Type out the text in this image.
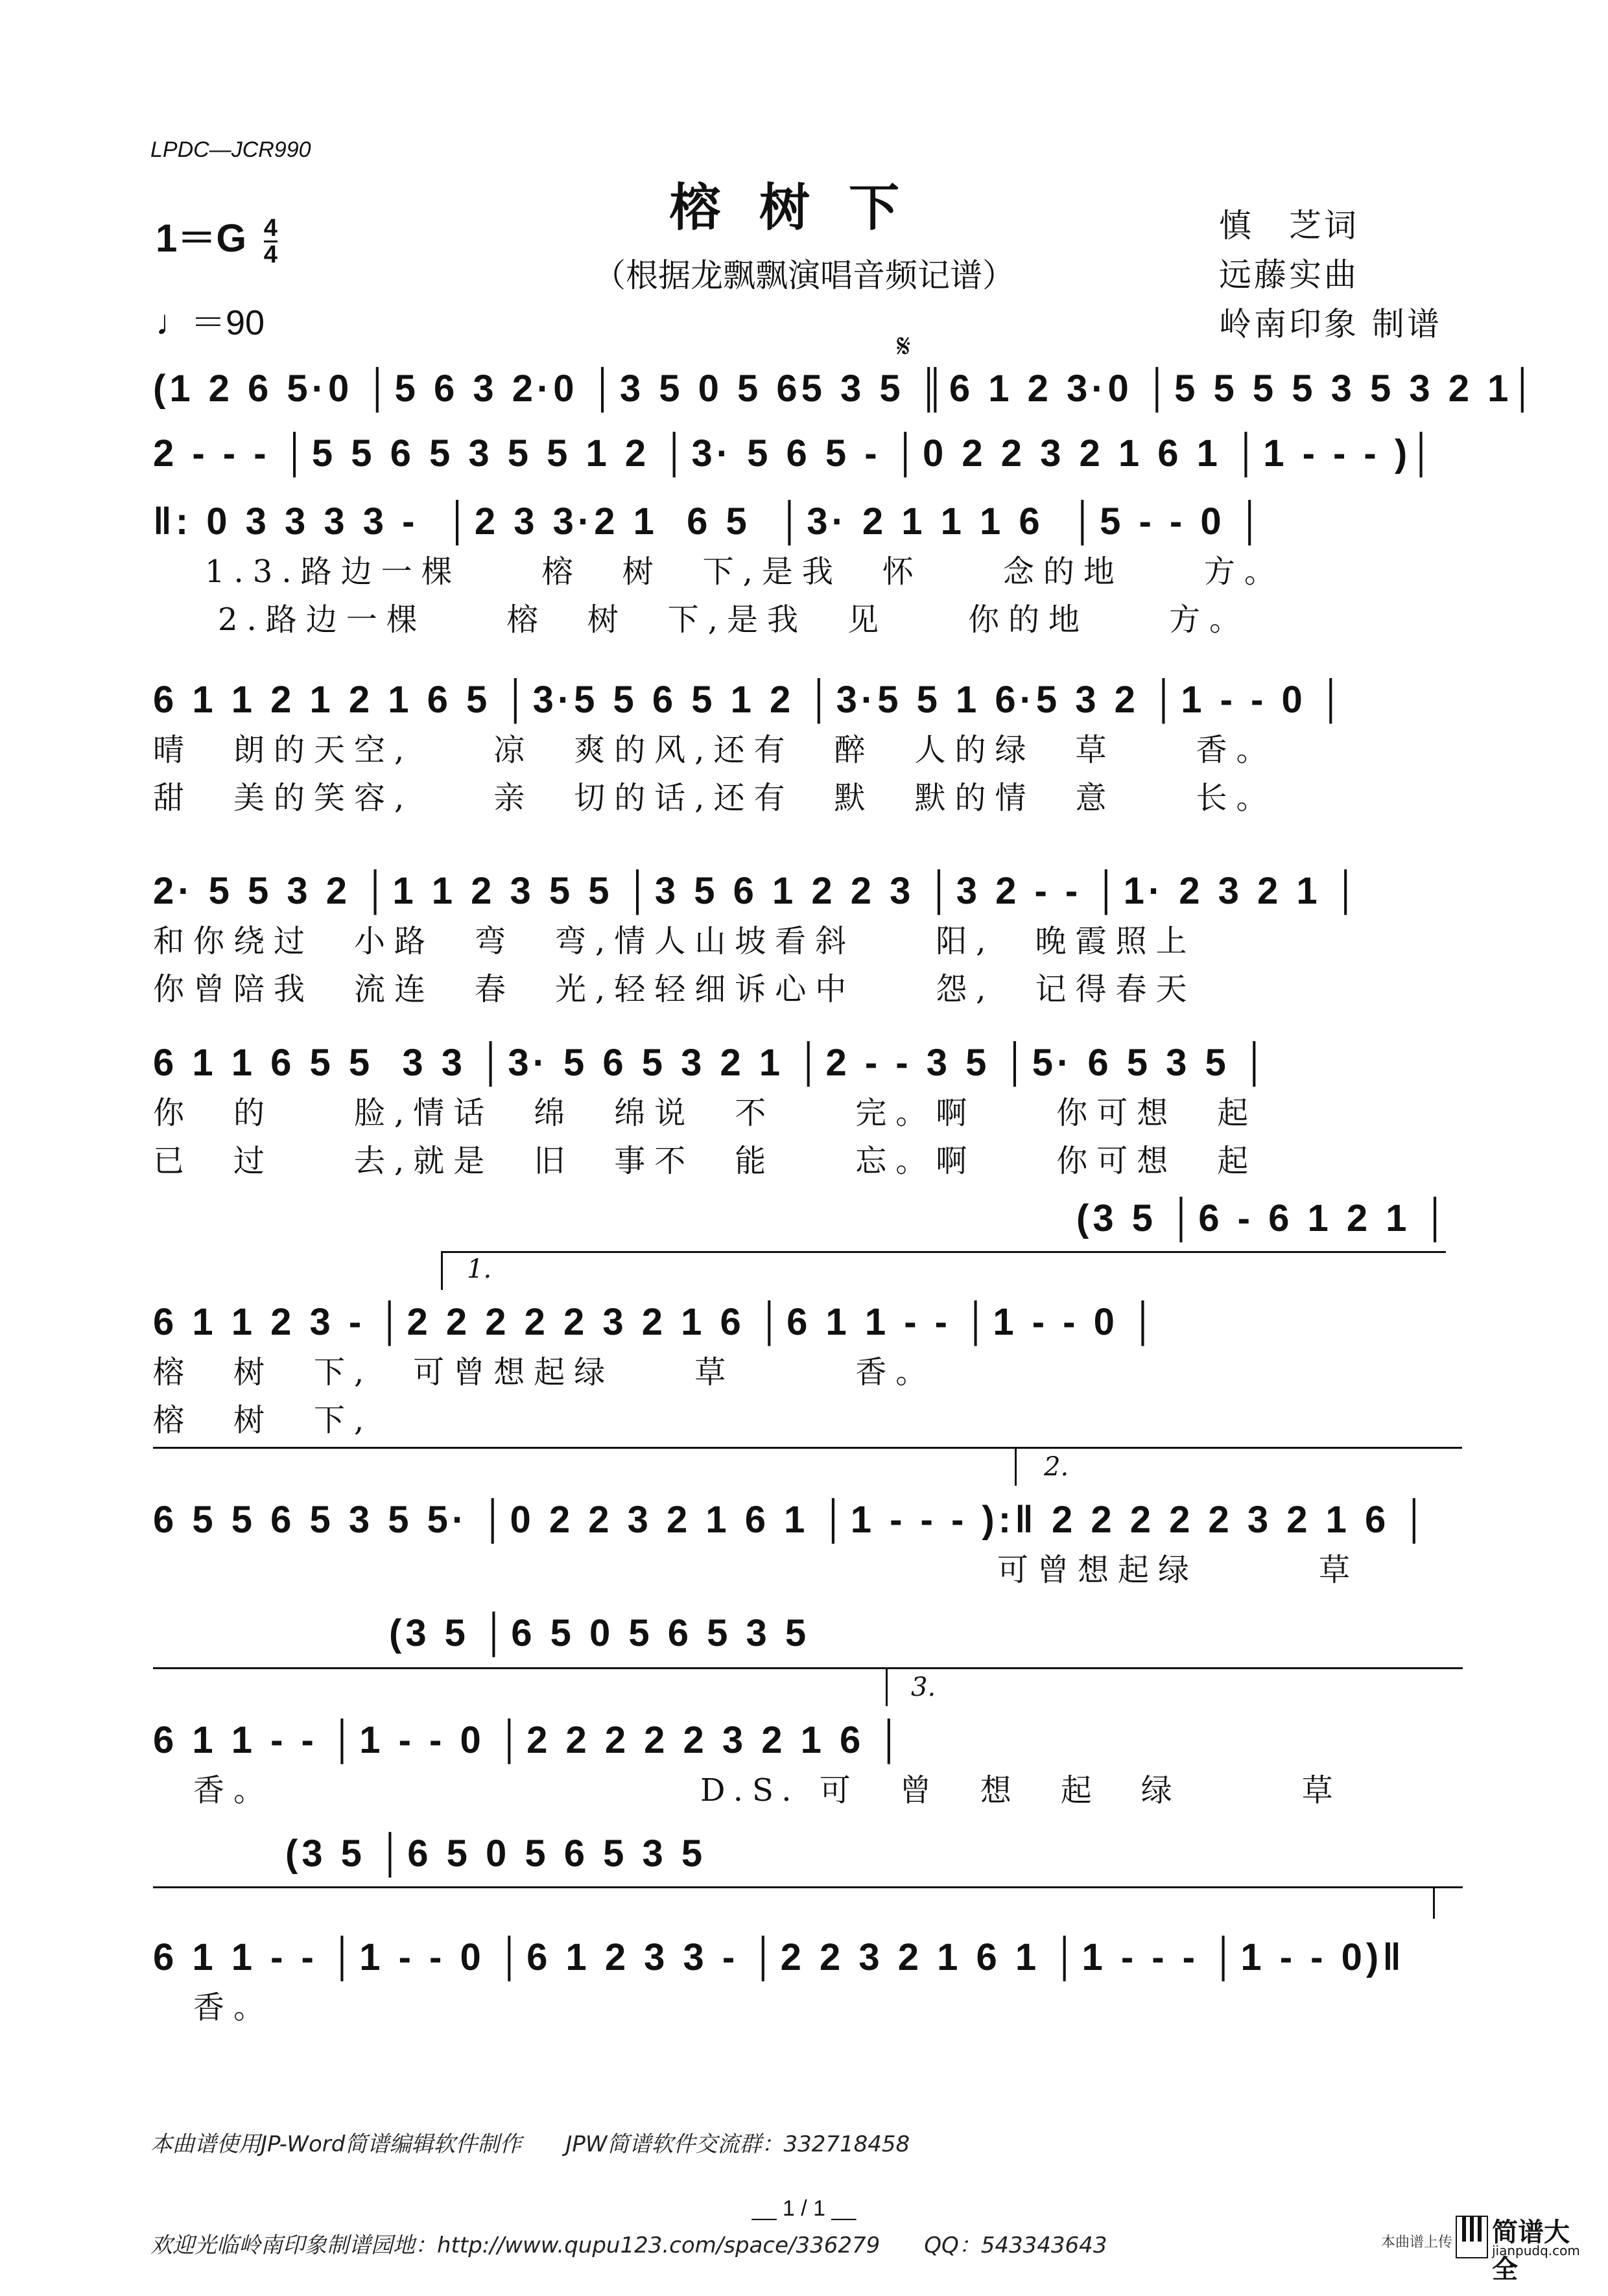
LPDC—JCR990
榕树下
（根据龙飘飘演唱音频记谱）
$1=G \frac{4}{4}$
♩＝90
慎　芝词
远藤实曲
岭南印象 制谱
𝄋
(1 2 6 5·0 │5 6 3 2·0 │3 5 0 5 65 3 5 ║6 1 2 3·0 │5 5 5 5 3 5 3 2 1│
2 - - - │5 5 6 5 3 5 5 1 2 │3· 5 6 5 - │0 2 2 3 2 1 6 1 │1 - - - )│
‖: 0 3 3 3 3 -  │2 3 3·2 1  6 5  │3· 2 1 1 1 6  │5 - - 0 │
1.3.路边一棵　　榕　树　下,是我　怀　　念的地　　方。
2.路边一棵　　榕　树　下,是我　见　　你的地　　方。
6 1 1 2 1 2 1 6 5 │3·5 5 6 5 1 2 │3·5 5 1 6·5 3 2 │1 - - 0 │
晴　朗的天空,　　凉　爽的风,还有　醉　人的绿　草　　香。
甜　美的笑容,　　亲　切的话,还有　默　默的情　意　　长。
2· 5 5 3 2 │1 1 2 3 5 5 │3 5 6 1 2 2 3 │3 2 - - │1· 2 3 2 1 │
和你绕过　小路　弯　弯,情人山坡看斜　　阳,　晚霞照上
你曾陪我　流连　春　光,轻轻细诉心中　　怨,　记得春天
6 1 1 6 5 5  3 3 │3· 5 6 5 3 2 1 │2 - - 3 5 │5· 6 5 3 5 │
你　的　　脸,情话　绵　绵说　不　　完。啊　　你可想　起
已　过　　去,就是　旧　事不　能　　忘。啊　　你可想　起
(3 5 │6 - 6 1 2 1 │
1.
6 1 1 2 3 - │2 2 2 2 2 3 2 1 6 │6 1 1 - - │1 - - 0 │
榕　树　下,　可曾想起绿　　草　　　香。
榕　树　下,
2.
6 5 5 6 5 3 5 5· │0 2 2 3 2 1 6 1 │1 - - - ):‖ 2 2 2 2 2 3 2 1 6 │
　　　　　　　　　　　　　　　　　　　　　可曾想起绿　　　草
(3 5 │6 5 0 5 6 5 3 5
3.
6 1 1 - - │1 - - 0 │2 2 2 2 2 3 2 1 6 │
　香。　　　　　　　　　　　D.S. 可　曾　想　起　绿　　　草
(3 5 │6 5 0 5 6 5 3 5
6 1 1 - - │1 - - 0 │6 1 2 3 3 - │2 2 3 2 1 6 1 │1 - - - │1 - - 0)‖
　香。

本曲谱使用JP-Word简谱编辑软件制作　　JPW简谱软件交流群：332718458

欢迎光临岭南印象制谱园地：http://www.qupu123.com/space/336279　　QQ：543343643

__ 1 / 1 __
本曲谱上传 简谱大全
jianpudq.com
